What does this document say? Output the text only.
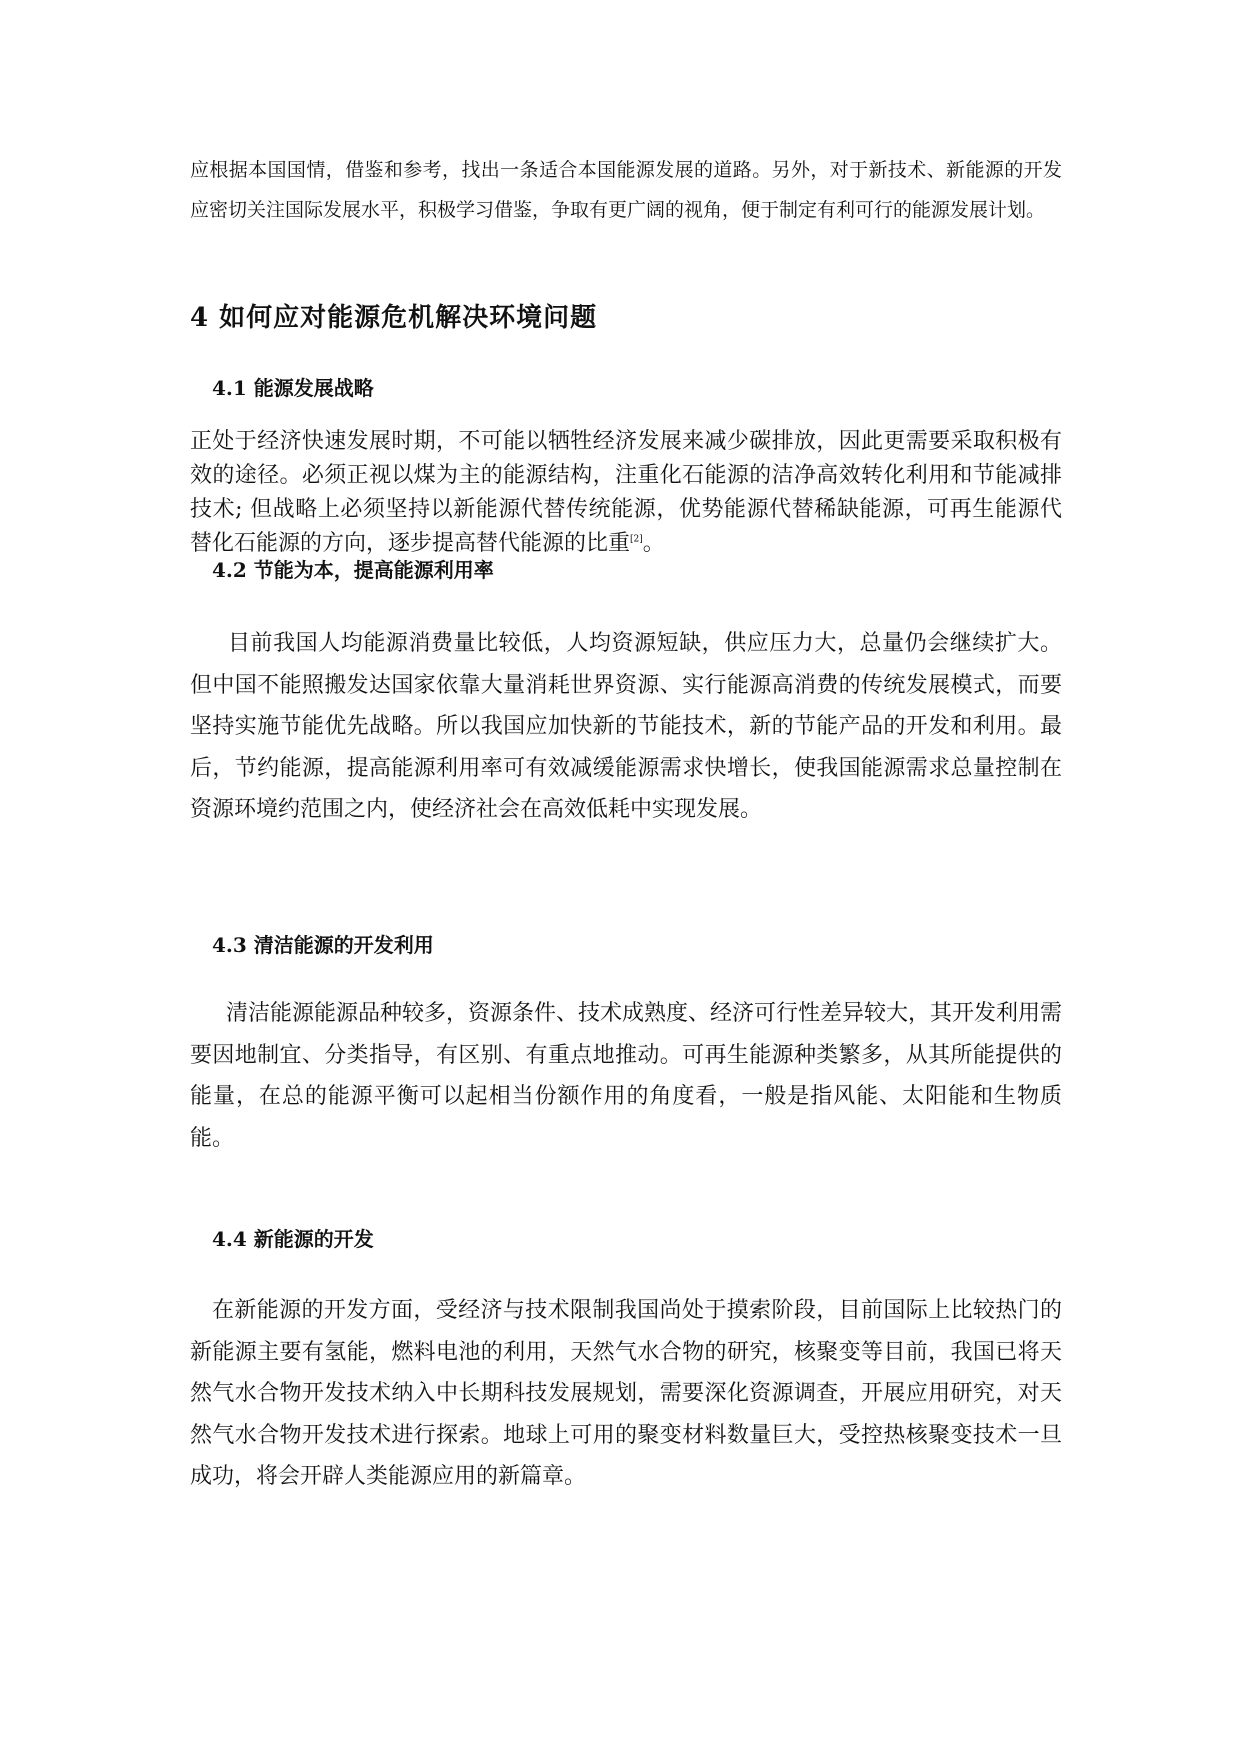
应根据本国国情，借鉴和参考，找出一条适合本国能源发展的道路。另外，对于新技术、新能源的开发应密切关注国际发展水平，积极学习借鉴，争取有更广阔的视角，便于制定有利可行的能源发展计划。

4 如何应对能源危机解决环境问题
4.1 能源发展战略

正处于经济快速发展时期，不可能以牺牲经济发展来减少碳排放，因此更需要采取积极有效的途径。必须正视以煤为主的能源结构，注重化石能源的洁净高效转化利用和节能减排技术; 但战略上必须坚持以新能源代替传统能源，优势能源代替稀缺能源，可再生能源代替化石能源的方向，逐步提高替代能源的比重[2]。

4.2 节能为本，提高能源利用率

目前我国人均能源消费量比较低，人均资源短缺，供应压力大，总量仍会继续扩大。但中国不能照搬发达国家依靠大量消耗世界资源、实行能源高消费的传统发展模式，而要坚持实施节能优先战略。所以我国应加快新的节能技术，新的节能产品的开发和利用。最后，节约能源，提高能源利用率可有效减缓能源需求快增长，使我国能源需求总量控制在资源环境约范围之内，使经济社会在高效低耗中实现发展。

4.3 清洁能源的开发利用

清洁能源能源品种较多，资源条件、技术成熟度、经济可行性差异较大，其开发利用需要因地制宜、分类指导，有区别、有重点地推动。可再生能源种类繁多，从其所能提供的能量，在总的能源平衡可以起相当份额作用的角度看，一般是指风能、太阳能和生物质能。

4.4 新能源的开发

在新能源的开发方面，受经济与技术限制我国尚处于摸索阶段，目前国际上比较热门的新能源主要有氢能，燃料电池的利用，天然气水合物的研究，核聚变等目前，我国已将天然气水合物开发技术纳入中长期科技发展规划，需要深化资源调查，开展应用研究，对天然气水合物开发技术进行探索。地球上可用的聚变材料数量巨大，受控热核聚变技术一旦成功，将会开辟人类能源应用的新篇章。
